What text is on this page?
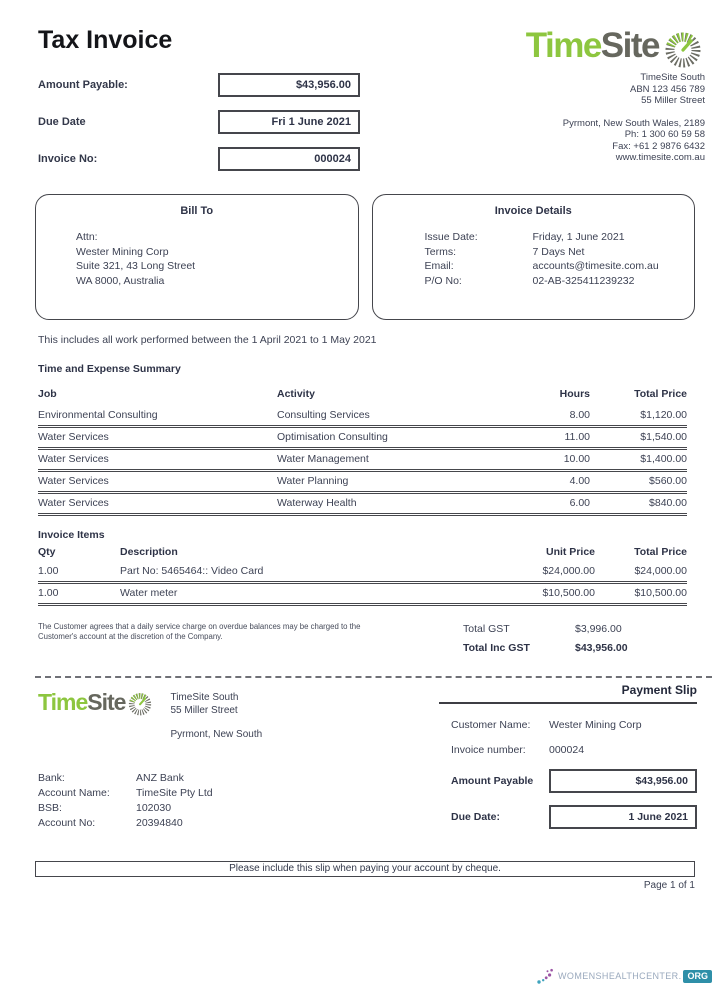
Tax Invoice
Amount Payable:	$43,956.00
Due Date	Fri 1 June 2021
Invoice No:	000024
Time Site
TimeSite South
ABN 123 456 789
55 Miller Street
Pyrmont, New South Wales, 2189
Ph: 1 300 60 59 58
Fax: +61 2 9876 6432
www.timesite.com.au
Bill To
Attn:
Wester Mining Corp
Suite 321, 43 Long Street
WA 8000, Australia
Invoice Details
Issue Date:	Friday, 1 June 2021
Terms:	7 Days Net
Email:	accounts@timesite.com.au
P/O No:	02-AB-325411239232
This includes all work performed between the 1 April 2021 to 1 May 2021
Time and Expense Summary
Job	Activity	Hours	Total Price
Environmental Consulting	Consulting Services	8.00	$1,120.00
Water Services	Optimisation Consulting	11.00	$1,540.00
Water Services	Water Management	10.00	$1,400.00
Water Services	Water Planning	4.00	$560.00
Water Services	Waterway Health	6.00	$840.00
Invoice Items
Qty	Description	Unit Price	Total Price
1.00	Part No: 5465464:: Video Card	$24,000.00	$24,000.00
1.00	Water meter	$10,500.00	$10,500.00
The Customer agrees that a daily service charge on overdue balances may be charged to the
Customer's account at the discretion of the Company.
Total GST	$3,996.00
Total Inc GST	$43,956.00
Time Site	TimeSite South
55 Miller Street
Pyrmont, New South
Bank:	ANZ Bank
Account Name:	TimeSite Pty Ltd
BSB:	102030
Account No:	20394840
Payment Slip
Customer Name:	Wester Mining Corp
Invoice number:	000024
Amount Payable	$43,956.00
Due Date:	1 June 2021
Please include this slip when paying your account by cheque.
Page 1 of 1
WOMENSHEALTHCENTER. ORG
